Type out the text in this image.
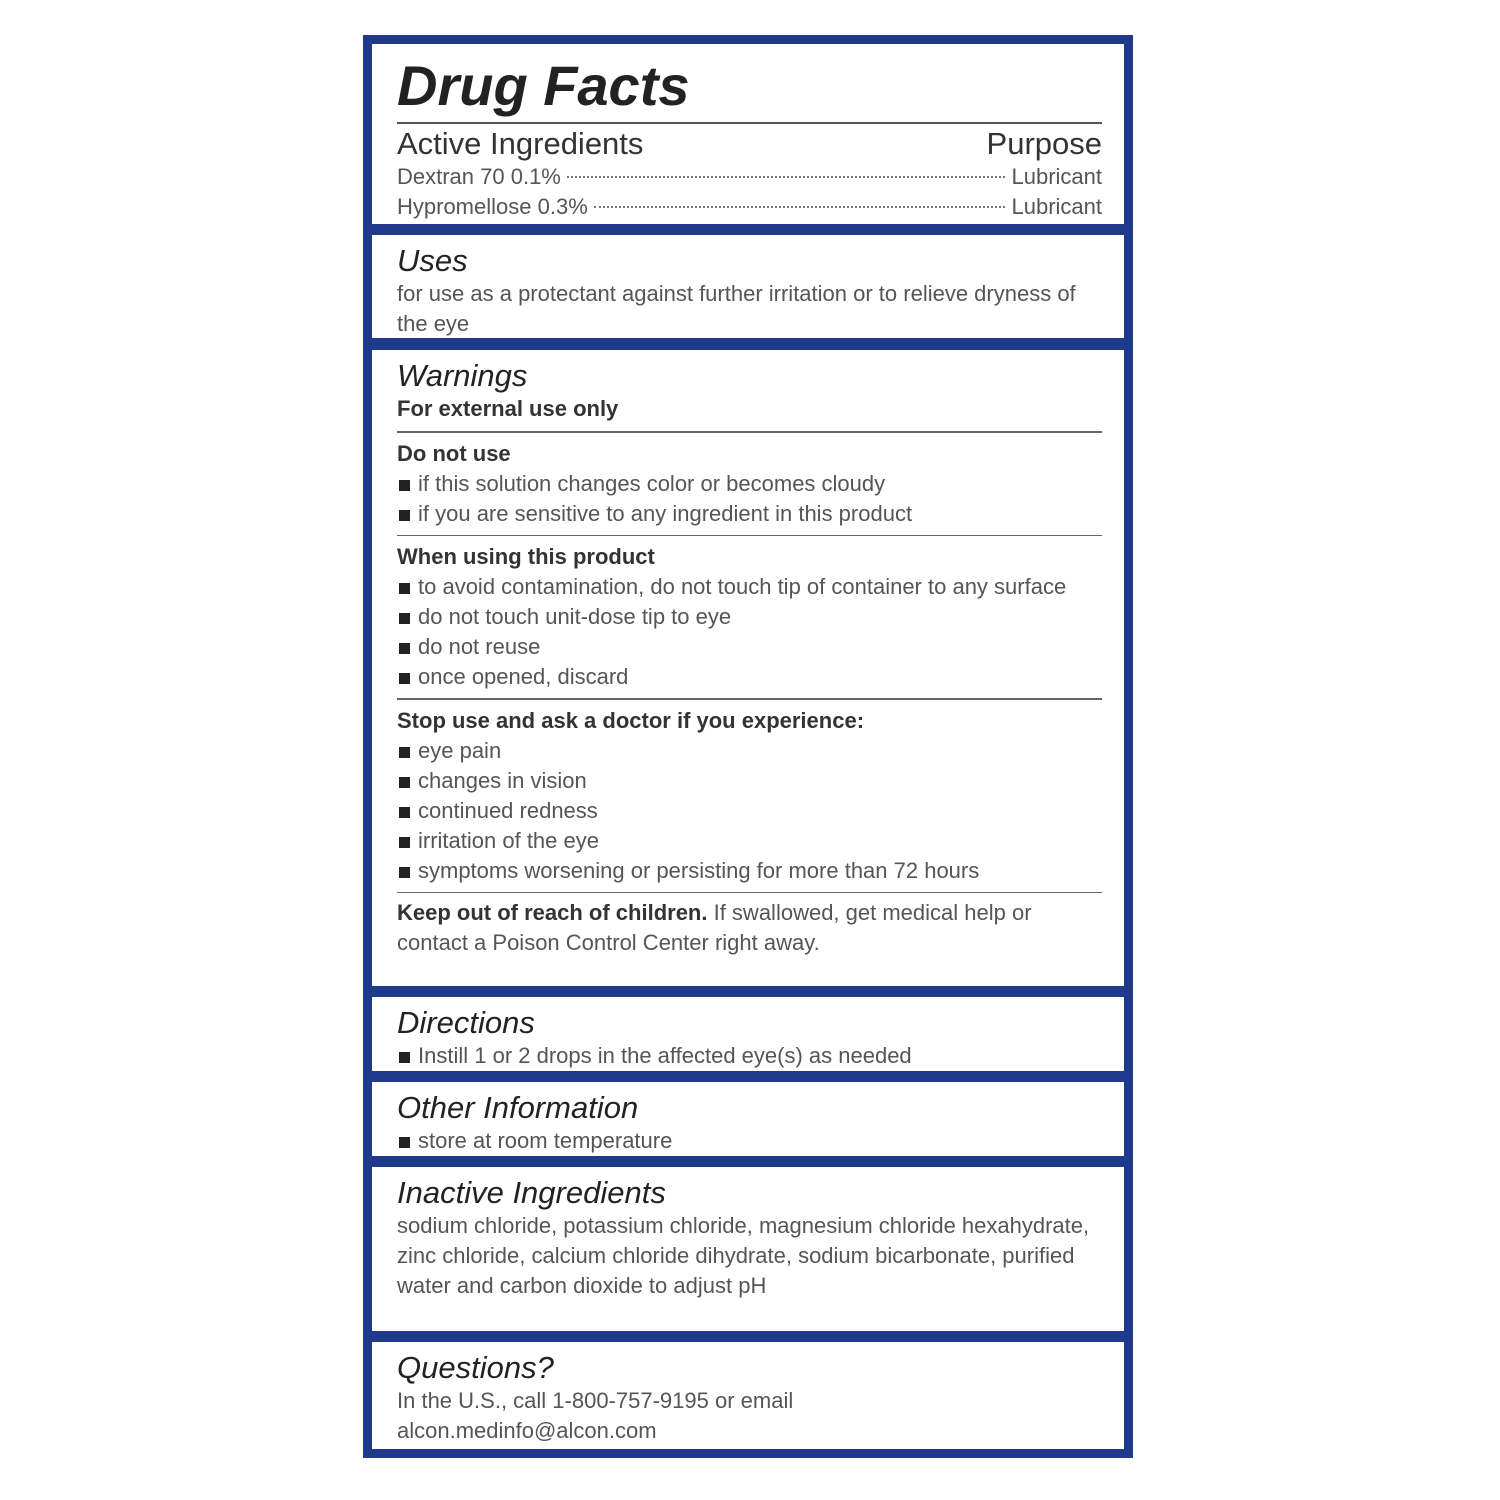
Drug Facts
Active Ingredients	Purpose
Dextran 70 0.1%	Lubricant
Hypromellose 0.3%	Lubricant
Uses
for use as a protectant against further irritation or to relieve dryness of the eye
Warnings
For external use only
Do not use
if this solution changes color or becomes cloudy
if you are sensitive to any ingredient in this product
When using this product
to avoid contamination, do not touch tip of container to any surface
do not touch unit-dose tip to eye
do not reuse
once opened, discard
Stop use and ask a doctor if you experience:
eye pain
changes in vision
continued redness
irritation of the eye
symptoms worsening or persisting for more than 72 hours
Keep out of reach of children. If swallowed, get medical help or contact a Poison Control Center right away.
Directions
Instill 1 or 2 drops in the affected eye(s) as needed
Other Information
store at room temperature
Inactive Ingredients
sodium chloride, potassium chloride, magnesium chloride hexahydrate, zinc chloride, calcium chloride dihydrate, sodium bicarbonate, purified water and carbon dioxide to adjust pH
Questions?
In the U.S., call 1-800-757-9195 or email alcon.medinfo@alcon.com
